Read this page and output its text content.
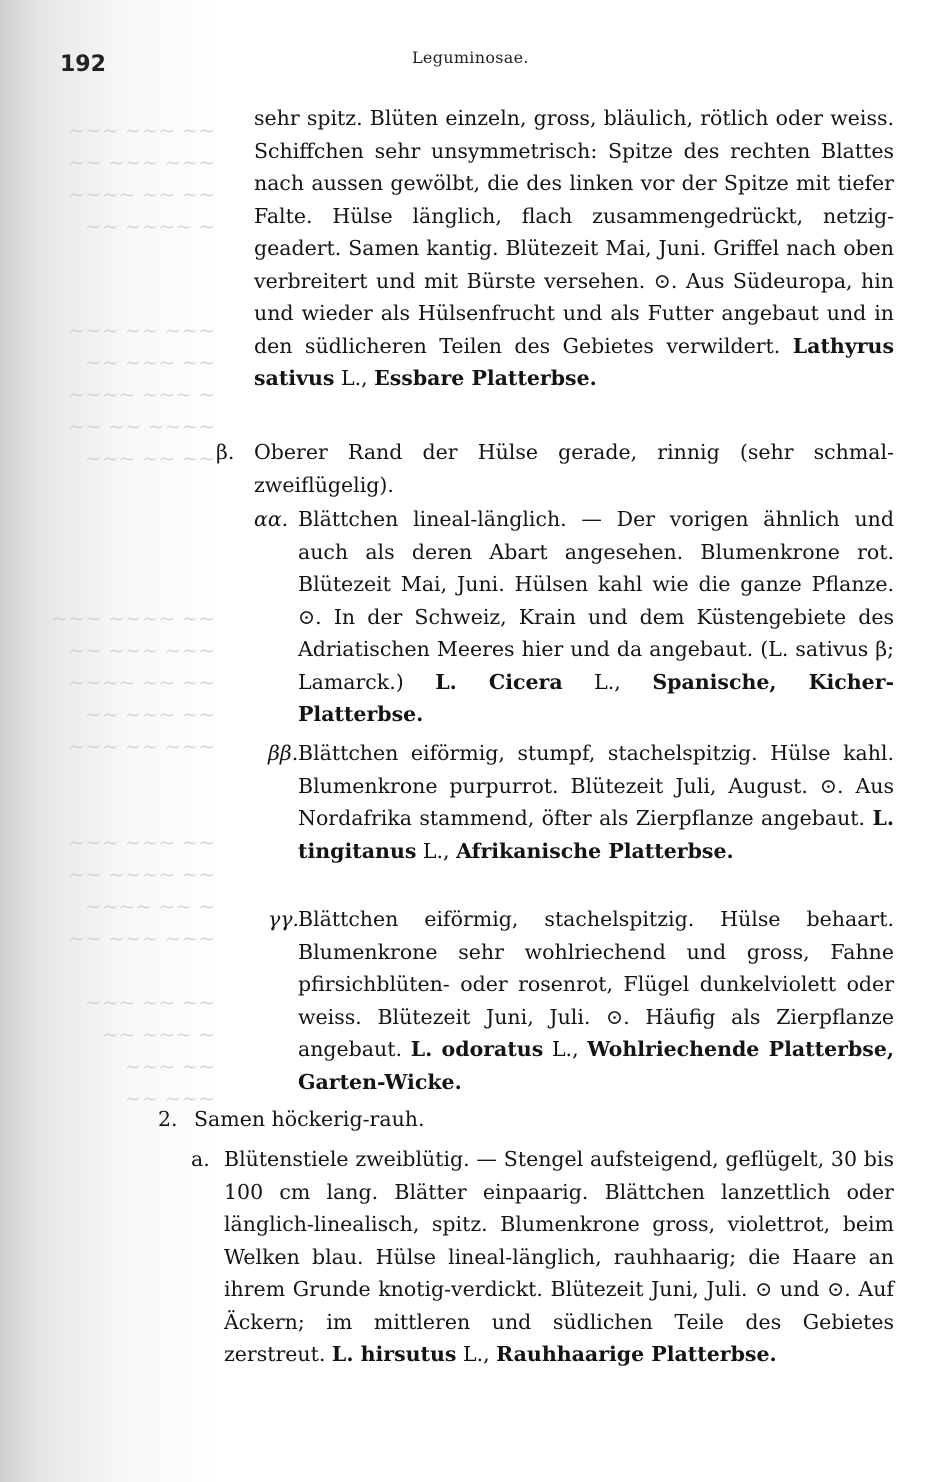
~~~ ~~~ ~~
~~ ~~~ ~~~
~~~~ ~~ ~~
~~ ~~~~ ~
~~~ ~~ ~~~
~~ ~~~ ~~
~~~~ ~~~ ~
~~ ~~ ~~~~
~~~ ~~ ~~
~~~ ~~~~ ~~
~~ ~~~ ~~~
~~~~ ~~ ~~
~~ ~~~ ~~
~~~ ~~ ~~~
~~~ ~~~ ~~
~~ ~~~~ ~~
~~~~ ~~ ~
~~ ~~~ ~~~
~~~ ~~ ~~
~~ ~~~ ~
~~~ ~~
~~ ~~~
192	Leguminosae.
sehr spitz. Blüten einzeln, gross, bläulich, rötlich oder weiss. Schiffchen sehr unsymmetrisch: Spitze des rechten Blattes nach aussen gewölbt, die des linken vor der Spitze mit tiefer Falte. Hülse länglich, flach zusammengedrückt, netzig-geadert. Samen kantig. Blütezeit Mai, Juni. Griffel nach oben verbreitert und mit Bürste versehen. ⊙. Aus Südeuropa, hin und wieder als Hülsenfrucht und als Futter angebaut und in den südlicheren Teilen des Gebietes verwildert. Lathyrus sativus L., Essbare Platterbse.
β. Oberer Rand der Hülse gerade, rinnig (sehr schmal-zweiflügelig).
αα. Blättchen lineal-länglich. — Der vorigen ähnlich und auch als deren Abart angesehen. Blumenkrone rot. Blütezeit Mai, Juni. Hülsen kahl wie die ganze Pflanze. ⊙. In der Schweiz, Krain und dem Küstengebiete des Adriatischen Meeres hier und da angebaut. (L. sativus β; Lamarck.) L. Cicera L., Spanische, Kicher-Platterbse.
ββ. Blättchen eiförmig, stumpf, stachelspitzig. Hülse kahl. Blumenkrone purpurrot. Blütezeit Juli, August. ⊙. Aus Nordafrika stammend, öfter als Zierpflanze angebaut. L. tingitanus L., Afrikanische Platterbse.
γγ.
Blättchen eiförmig, stachelspitzig. Hülse behaart. Blumenkrone sehr wohlriechend und gross, Fahne pfirsichblüten- oder rosenrot, Flügel dunkelviolett oder weiss. Blütezeit Juni, Juli. ⊙. Häufig als Zierpflanze angebaut. L. odoratus L., Wohlriechende Platterbse, Garten-Wicke.
2. Samen höckerig-rauh.
a. Blütenstiele zweiblütig. — Stengel aufsteigend, geflügelt, 30 bis 100 cm lang. Blätter einpaarig. Blättchen lanzettlich oder länglich-linealisch, spitz. Blumenkrone gross, violettrot, beim Welken blau. Hülse lineal-länglich, rauhhaarig; die Haare an ihrem Grunde knotig-verdickt. Blütezeit Juni, Juli. ⊙ und ⊙. Auf Äckern; im mittleren und südlichen Teile des Gebietes zerstreut. L. hirsutus L., Rauhhaarige Platterbse.
